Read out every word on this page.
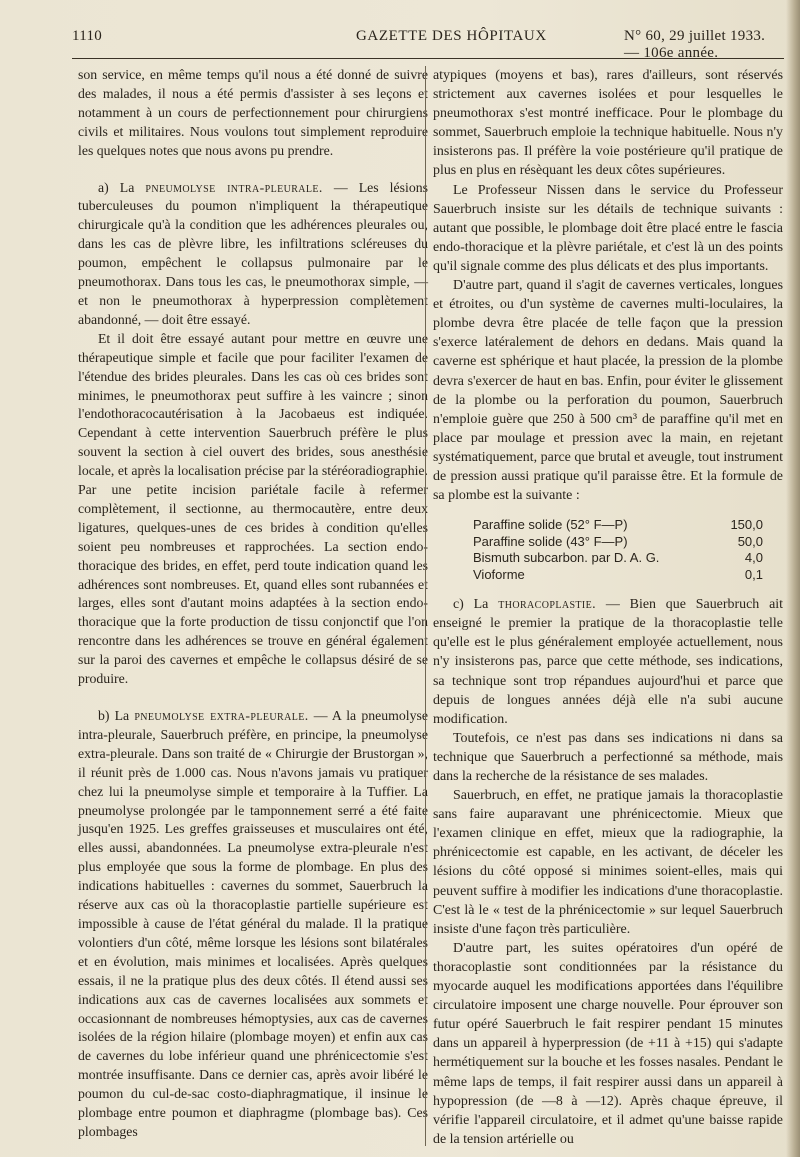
1110	GAZETTE DES HÔPITAUX	N° 60, 29 juillet 1933. — 106e année.

son service, en même temps qu'il nous a été donné de suivre des malades, il nous a été permis d'assister à ses leçons et notamment à un cours de perfectionnement pour chirurgiens civils et militaires. Nous voulons tout simplement reproduire les quelques notes que nous avons pu prendre.

a) La pneumolyse intra-pleurale. — Les lésions tuberculeuses du poumon n'impliquent la thérapeutique chirurgicale qu'à la condition que les adhérences pleurales ou, dans les cas de plèvre libre, les infiltrations scléreuses du poumon, empêchent le collapsus pulmonaire par le pneumothorax. Dans tous les cas, le pneumothorax simple, — et non le pneumothorax à hyperpression complètement abandonné, — doit être essayé.

Et il doit être essayé autant pour mettre en œuvre une thérapeutique simple et facile que pour faciliter l'examen de l'étendue des brides pleurales. Dans les cas où ces brides sont minimes, le pneumothorax peut suffire à les vaincre ; sinon l'endothoracocautérisation à la Jacobaeus est indiquée. Cependant à cette intervention Sauerbruch préfère le plus souvent la section à ciel ouvert des brides, sous anesthésie locale, et après la localisation précise par la stéréoradiographie. Par une petite incision pariétale facile à refermer complètement, il sectionne, au thermocautère, entre deux ligatures, quelques-unes de ces brides à condition qu'elles soient peu nombreuses et rapprochées. La section endo-thoracique des brides, en effet, perd toute indication quand les adhérences sont nombreuses. Et, quand elles sont rubannées et larges, elles sont d'autant moins adaptées à la section endo-thoracique que la forte production de tissu conjonctif que l'on rencontre dans les adhérences se trouve en général également sur la paroi des cavernes et empêche le collapsus désiré de se produire.

b) La pneumolyse extra-pleurale. — A la pneumolyse intra-pleurale, Sauerbruch préfère, en principe, la pneumolyse extra-pleurale. Dans son traité de « Chirurgie der Brustorgan », il réunit près de 1.000 cas. Nous n'avons jamais vu pratiquer chez lui la pneumolyse simple et temporaire à la Tuffier. La pneumolyse prolongée par le tamponnement serré a été faite jusqu'en 1925. Les greffes graisseuses et musculaires ont été, elles aussi, abandonnées. La pneumolyse extra-pleurale n'est plus employée que sous la forme de plombage. En plus des indications habituelles : cavernes du sommet, Sauerbruch la réserve aux cas où la thoracoplastie partielle supérieure est impossible à cause de l'état général du malade. Il la pratique volontiers d'un côté, même lorsque les lésions sont bilatérales et en évolution, mais minimes et localisées. Après quelques essais, il ne la pratique plus des deux côtés. Il étend aussi ses indications aux cas de cavernes localisées aux sommets et occasionnant de nombreuses hémoptysies, aux cas de cavernes isolées de la région hilaire (plombage moyen) et enfin aux cas de cavernes du lobe inférieur quand une phrénicectomie s'est montrée insuffisante. Dans ce dernier cas, après avoir libéré le poumon du cul-de-sac costo-diaphragmatique, il insinue le plombage entre poumon et diaphragme (plombage bas). Ces plombages

atypiques (moyens et bas), rares d'ailleurs, sont réservés strictement aux cavernes isolées et pour lesquelles le pneumothorax s'est montré inefficace. Pour le plombage du sommet, Sauerbruch emploie la technique habituelle. Nous n'y insisterons pas. Il préfère la voie postérieure qu'il pratique de plus en plus en résèquant les deux côtes supérieures.

Le Professeur Nissen dans le service du Professeur Sauerbruch insiste sur les détails de technique suivants : autant que possible, le plombage doit être placé entre le fascia endo-thoracique et la plèvre pariétale, et c'est là un des points qu'il signale comme des plus délicats et des plus importants.

D'autre part, quand il s'agit de cavernes verticales, longues et étroites, ou d'un système de cavernes multi-loculaires, la plombe devra être placée de telle façon que la pression s'exerce latéralement de dehors en dedans. Mais quand la caverne est sphérique et haut placée, la pression de la plombe devra s'exercer de haut en bas. Enfin, pour éviter le glissement de la plombe ou la perforation du poumon, Sauerbruch n'emploie guère que 250 à 500 cm³ de paraffine qu'il met en place par moulage et pression avec la main, en rejetant systématiquement, parce que brutal et aveugle, tout instrument de pression aussi pratique qu'il paraisse être. Et la formule de sa plombe est la suivante :

Paraffine solide (52° F—P)	150,0
Paraffine solide (43° F—P)	50,0
Bismuth subcarbon. par D. A. G.	4,0
Vioforme	0,1

c) La thoracoplastie. — Bien que Sauerbruch ait enseigné le premier la pratique de la thoracoplastie telle qu'elle est le plus généralement employée actuellement, nous n'y insisterons pas, parce que cette méthode, ses indications, sa technique sont trop répandues aujourd'hui et parce que depuis de longues années déjà elle n'a subi aucune modification.

Toutefois, ce n'est pas dans ses indications ni dans sa technique que Sauerbruch a perfectionné sa méthode, mais dans la recherche de la résistance de ses malades.

Sauerbruch, en effet, ne pratique jamais la thoracoplastie sans faire auparavant une phrénicectomie. Mieux que l'examen clinique en effet, mieux que la radiographie, la phrénicectomie est capable, en les activant, de déceler les lésions du côté opposé si minimes soient-elles, mais qui peuvent suffire à modifier les indications d'une thoracoplastie. C'est là le « test de la phrénicectomie » sur lequel Sauerbruch insiste d'une façon très particulière.

D'autre part, les suites opératoires d'un opéré de thoracoplastie sont conditionnées par la résistance du myocarde auquel les modifications apportées dans l'équilibre circulatoire imposent une charge nouvelle. Pour éprouver son futur opéré Sauerbruch le fait respirer pendant 15 minutes dans un appareil à hyperpression (de +11 à +15) qui s'adapte hermétiquement sur la bouche et les fosses nasales. Pendant le même laps de temps, il fait respirer aussi dans un appareil à hypopression (de —8 à —12). Après chaque épreuve, il vérifie l'appareil circulatoire, et il admet qu'une baisse rapide de la tension artérielle ou
